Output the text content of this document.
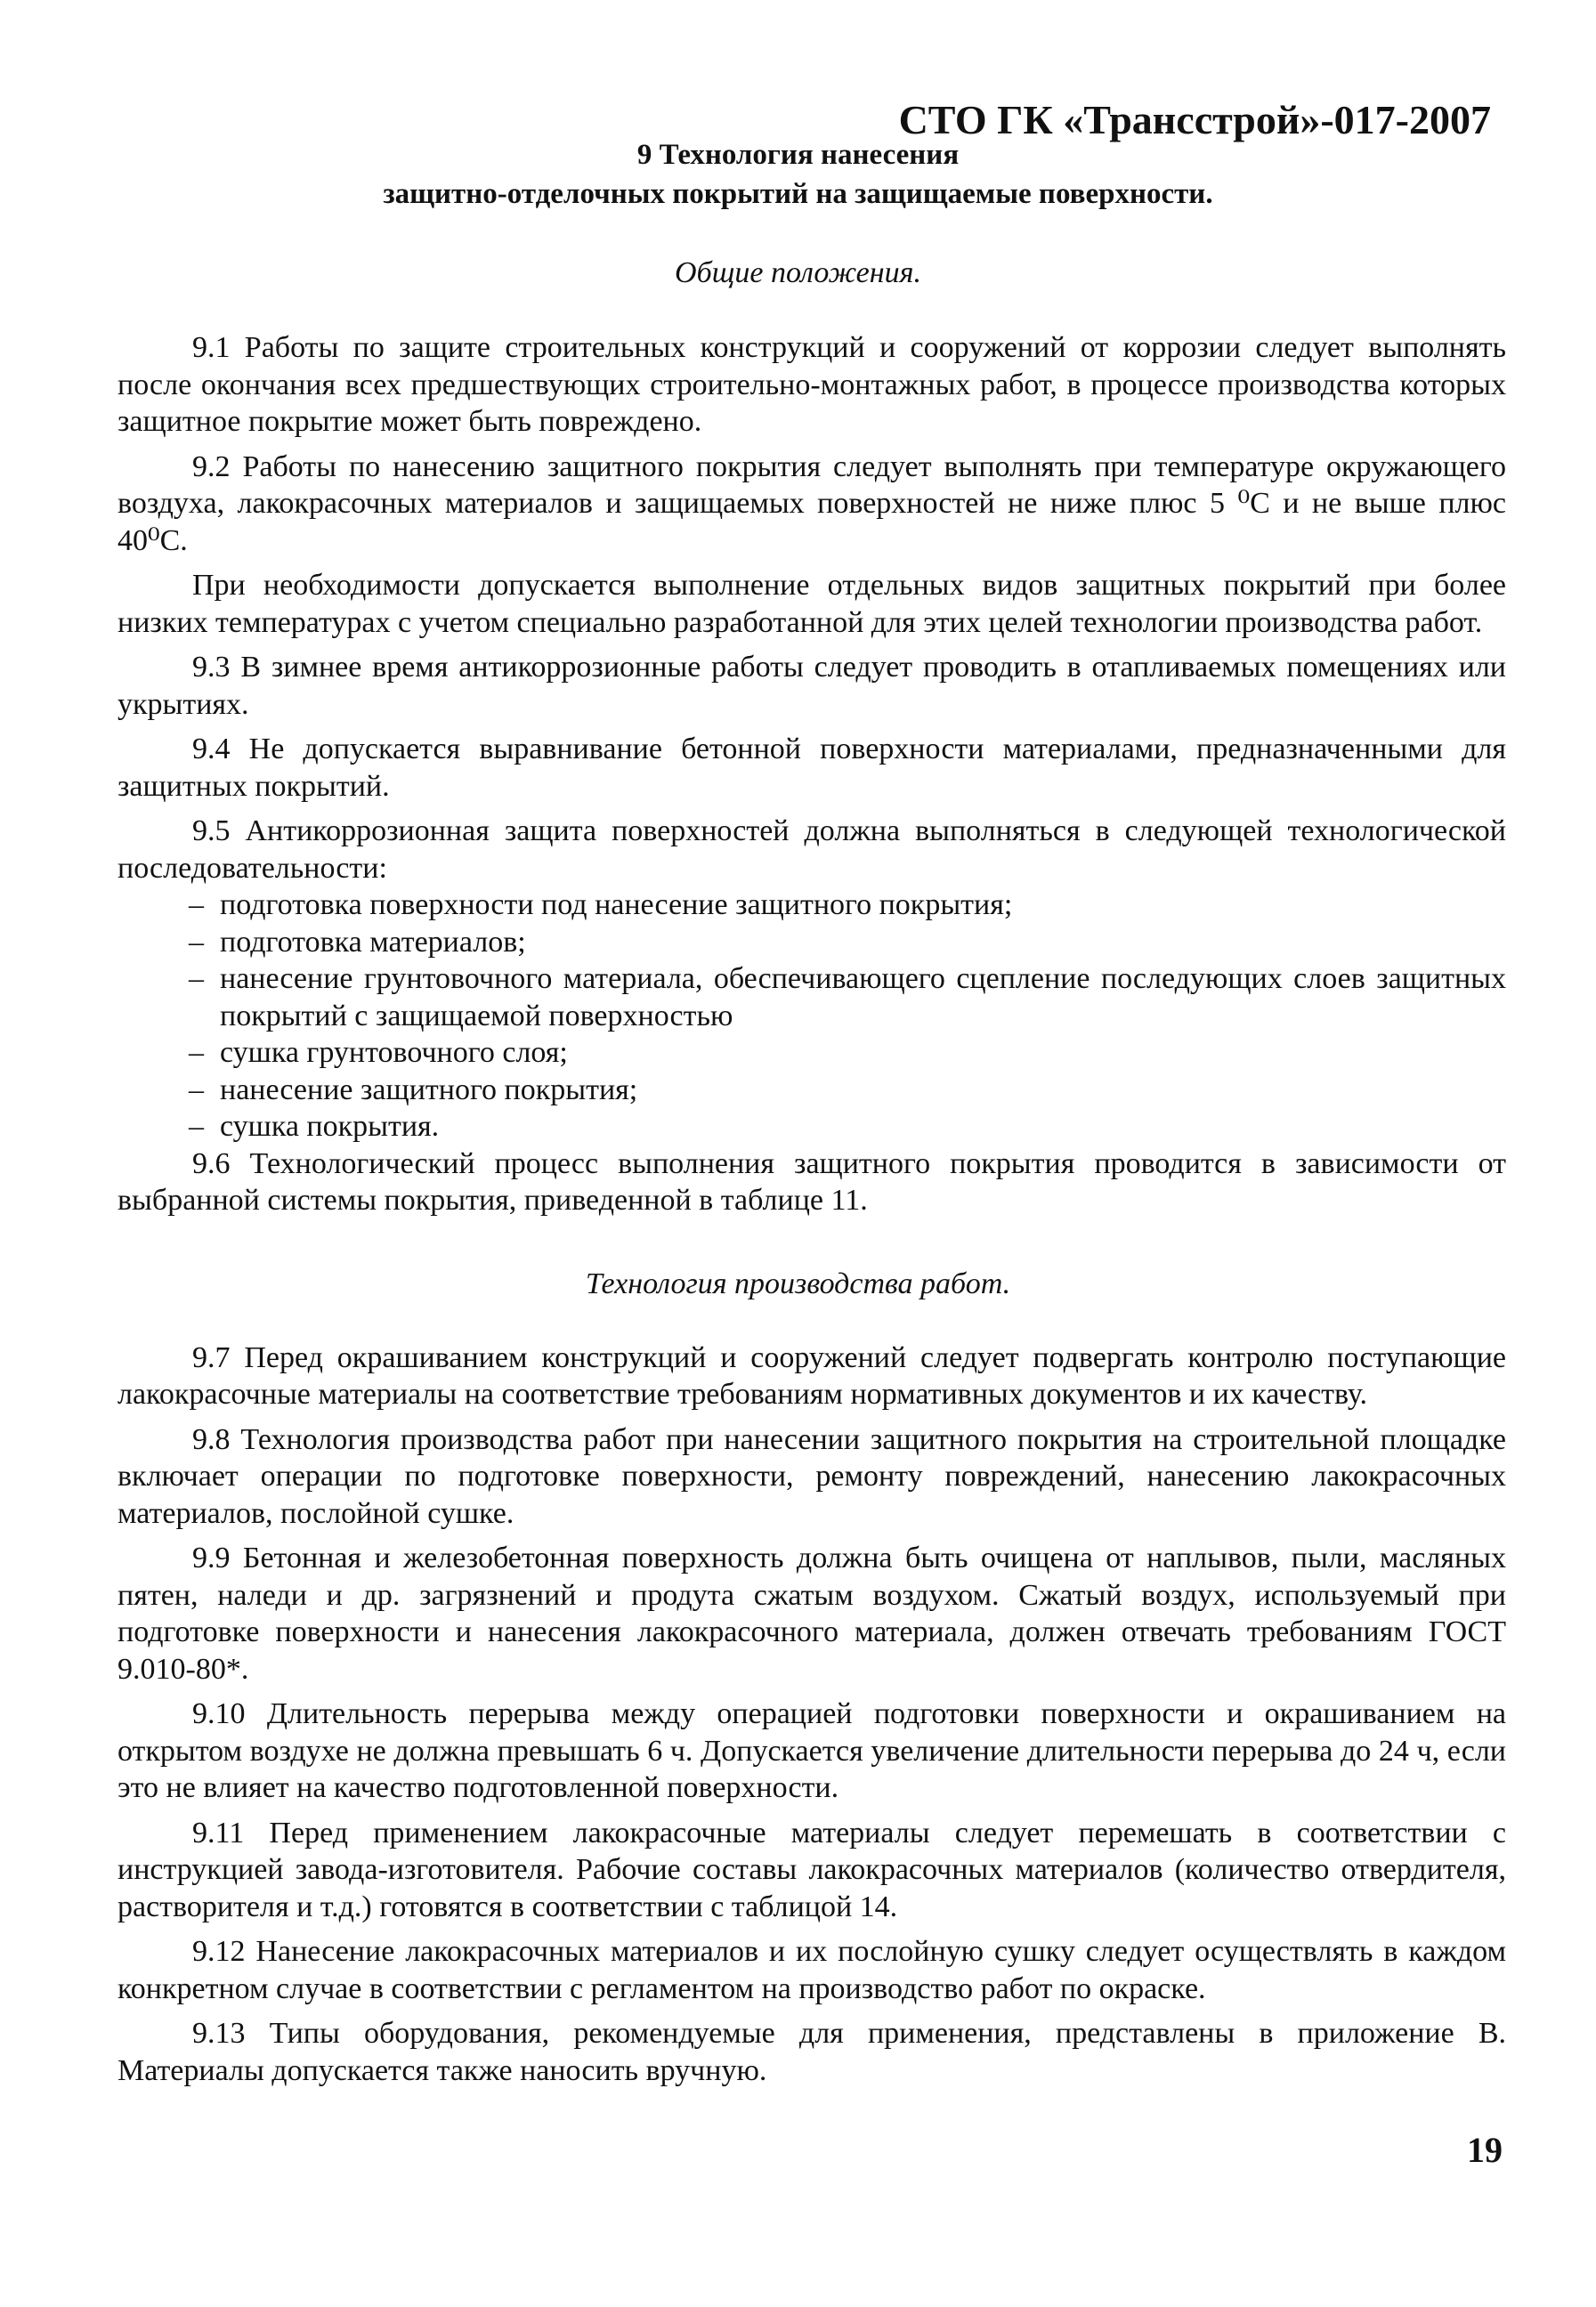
СТО ГК «Трансстрой»-017-2007
9 Технология нанесения
защитно-отделочных покрытий на защищаемые поверхности.
Общие положения.

9.1 Работы по защите строительных конструкций и сооружений от коррозии следует выполнять после окончания всех предшествующих строительно-монтажных работ, в процессе производства которых защитное покрытие может быть повреждено.

9.2 Работы по нанесению защитного покрытия следует выполнять при температуре окружающего воздуха, лакокрасочных материалов и защищаемых поверхностей не ниже плюс 5 ⁰С и не выше плюс 40⁰С.

При необходимости допускается выполнение отдельных видов защитных покрытий при более низких температурах с учетом специально разработанной для этих целей технологии производства работ.

9.3 В зимнее время антикоррозионные работы следует проводить в отапливаемых помещениях или укрытиях.

9.4 Не допускается выравнивание бетонной поверхности материалами, предназначенными для защитных покрытий.

9.5 Антикоррозионная защита поверхностей должна выполняться в следующей технологической последовательности:

– подготовка поверхности под нанесение защитного покрытия;
– подготовка материалов;
– нанесение грунтовочного материала, обеспечивающего сцепление последующих слоев защитных покрытий с защищаемой поверхностью
– сушка грунтовочного слоя;
– нанесение защитного покрытия;
– сушка покрытия.

9.6 Технологический процесс выполнения защитного покрытия проводится в зависимости от выбранной системы покрытия, приведенной в таблице 11.

9.7 Перед окрашиванием конструкций и сооружений следует подвергать контролю поступающие лакокрасочные материалы на соответствие требованиям нормативных документов и их качеству.

9.8 Технология производства работ при нанесении защитного покрытия на строительной площадке включает операции по подготовке поверхности, ремонту повреждений, нанесению лакокрасочных материалов, послойной сушке.

9.9 Бетонная и железобетонная поверхность должна быть очищена от наплывов, пыли, масляных пятен, наледи и др. загрязнений и продута сжатым воздухом. Сжатый воздух, используемый при подготовке поверхности и нанесения лакокрасочного материала, должен отвечать требованиям ГОСТ 9.010-80*.

9.10 Длительность перерыва между операцией подготовки поверхности и окрашиванием на открытом воздухе не должна превышать 6 ч. Допускается увеличение длительности перерыва до 24 ч, если это не влияет на качество подготовленной поверхности.

9.11 Перед применением лакокрасочные материалы следует перемешать в соответствии с инструкцией завода-изготовителя. Рабочие составы лакокрасочных материалов (количество отвердителя, растворителя и т.д.) готовятся в соответствии с таблицой 14.

9.12 Нанесение лакокрасочных материалов и их послойную сушку следует осуществлять в каждом конкретном случае в соответствии с регламентом на производство работ по окраске.

9.13 Типы оборудования, рекомендуемые для применения, представлены в приложение В. Материалы допускается также наносить вручную.

Технология производства работ.
19
